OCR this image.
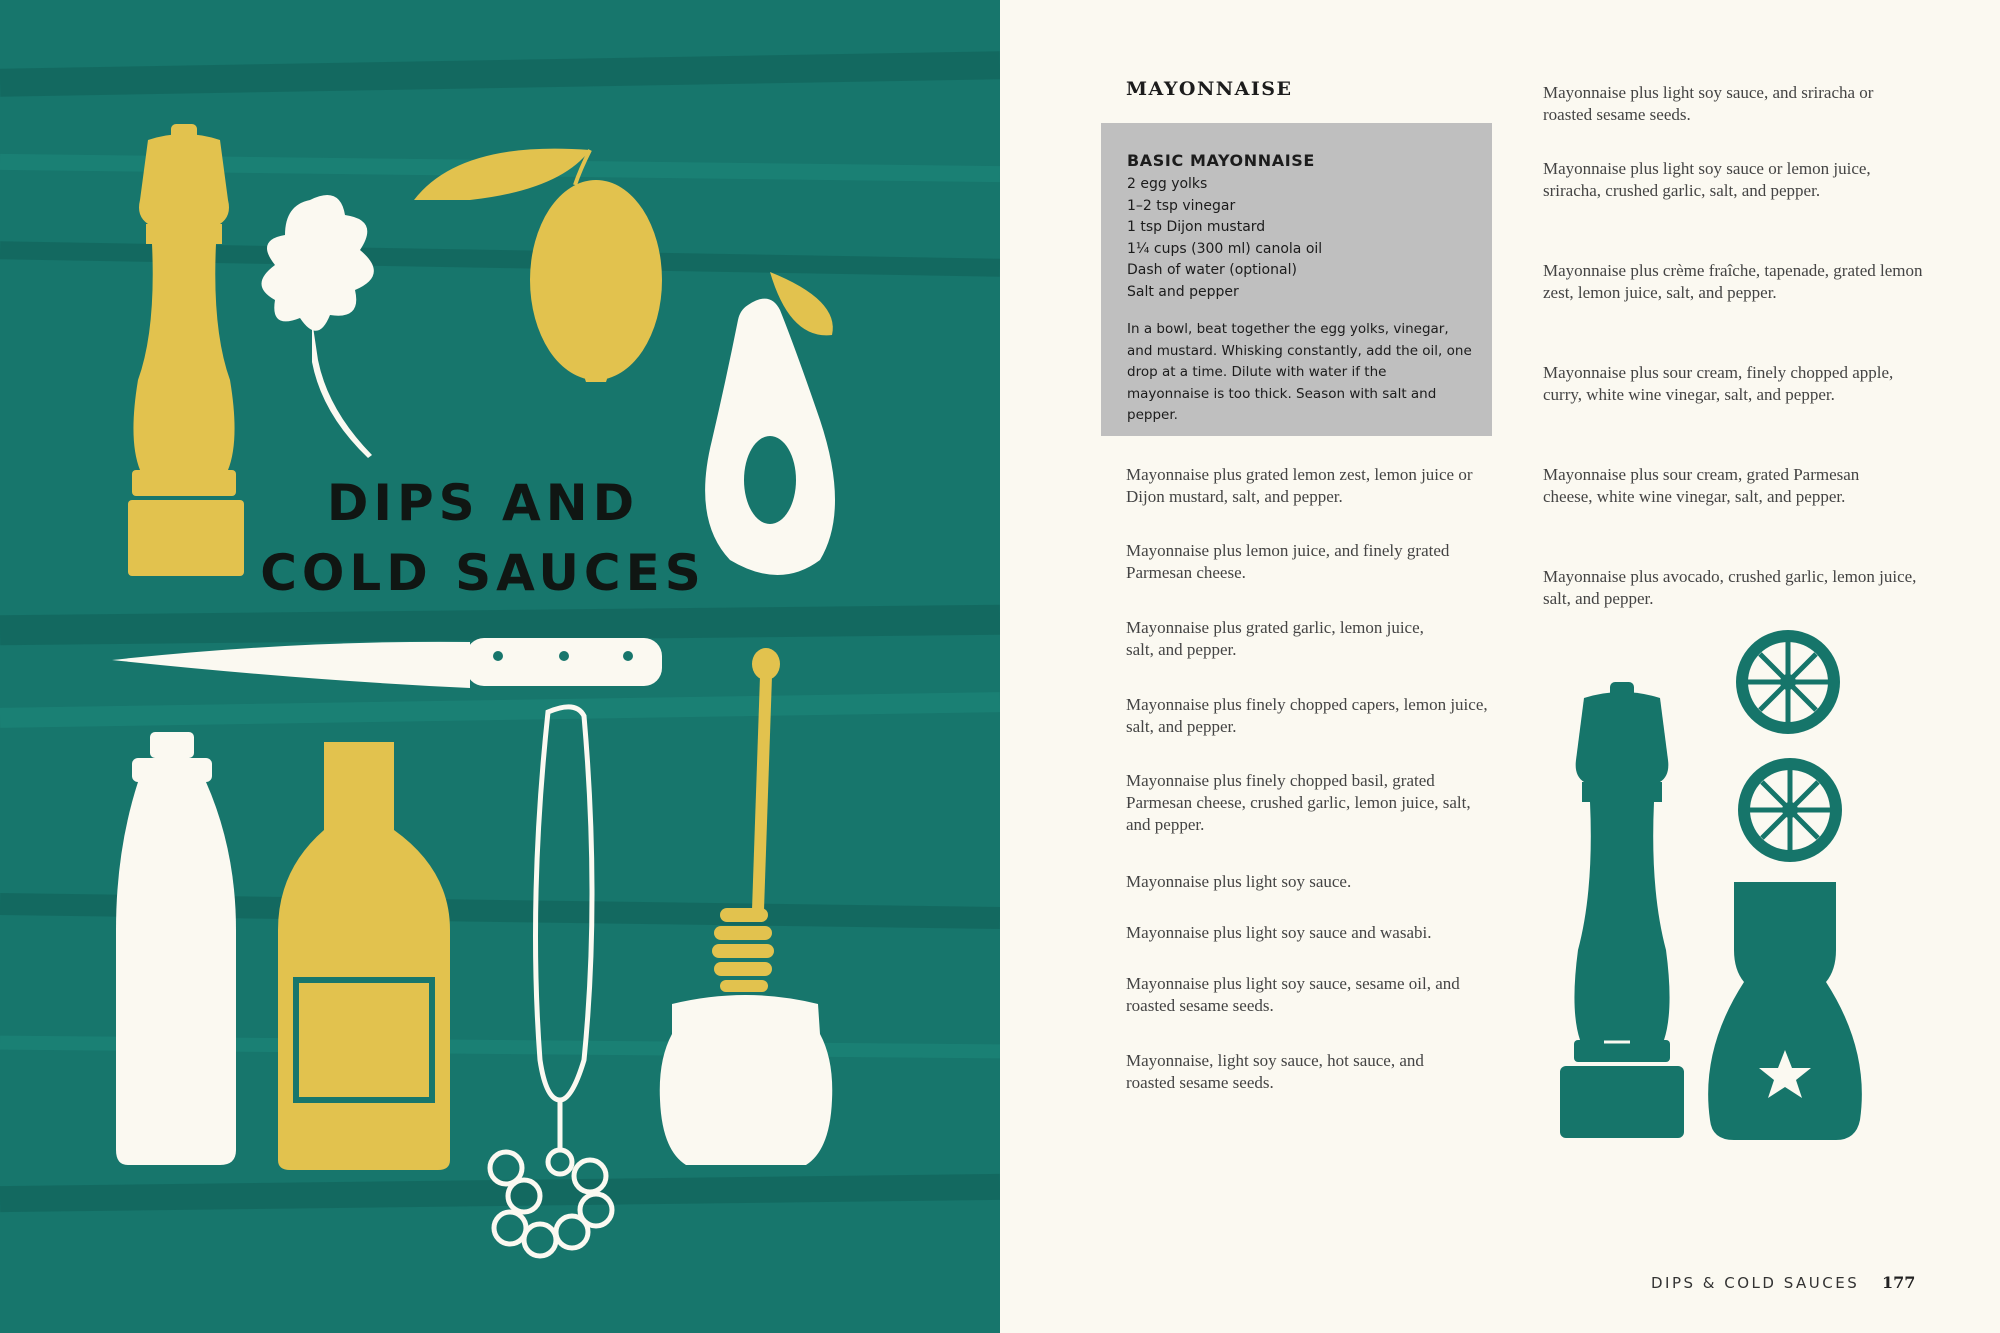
DIPS AND
COLD SAUCES
MAYONNAISE
BASIC MAYONNAISE
2 egg yolks
1–2 tsp vinegar
1 tsp Dijon mustard
1¼ cups (300 ml) canola oil
Dash of water (optional)
Salt and pepper

In a bowl, beat together the egg yolks, vinegar, and mustard. Whisking constantly, add the oil, one drop at a time. Dilute with water if the mayonnaise is too thick. Season with salt and pepper.

Mayonnaise plus grated lemon zest, lemon juice or Dijon mustard, salt, and pepper.

Mayonnaise plus lemon juice, and finely grated Parmesan cheese.

Mayonnaise plus grated garlic, lemon juice, salt, and pepper.

Mayonnaise plus finely chopped capers, lemon juice, salt, and pepper.

Mayonnaise plus finely chopped basil, grated Parmesan cheese, crushed garlic, lemon juice, salt, and pepper.

Mayonnaise plus light soy sauce.

Mayonnaise plus light soy sauce and wasabi.

Mayonnaise plus light soy sauce, sesame oil, and roasted sesame seeds.

Mayonnaise, light soy sauce, hot sauce, and roasted sesame seeds.

Mayonnaise plus light soy sauce, and sriracha or roasted sesame seeds.

Mayonnaise plus light soy sauce or lemon juice, sriracha, crushed garlic, salt, and pepper.

Mayonnaise plus crème fraîche, tapenade, grated lemon zest, lemon juice, salt, and pepper.

Mayonnaise plus sour cream, finely chopped apple, curry, white wine vinegar, salt, and pepper.

Mayonnaise plus sour cream, grated Parmesan cheese, white wine vinegar, salt, and pepper.

Mayonnaise plus avocado, crushed garlic, lemon juice, salt, and pepper.

DIPS & COLD SAUCES 177
